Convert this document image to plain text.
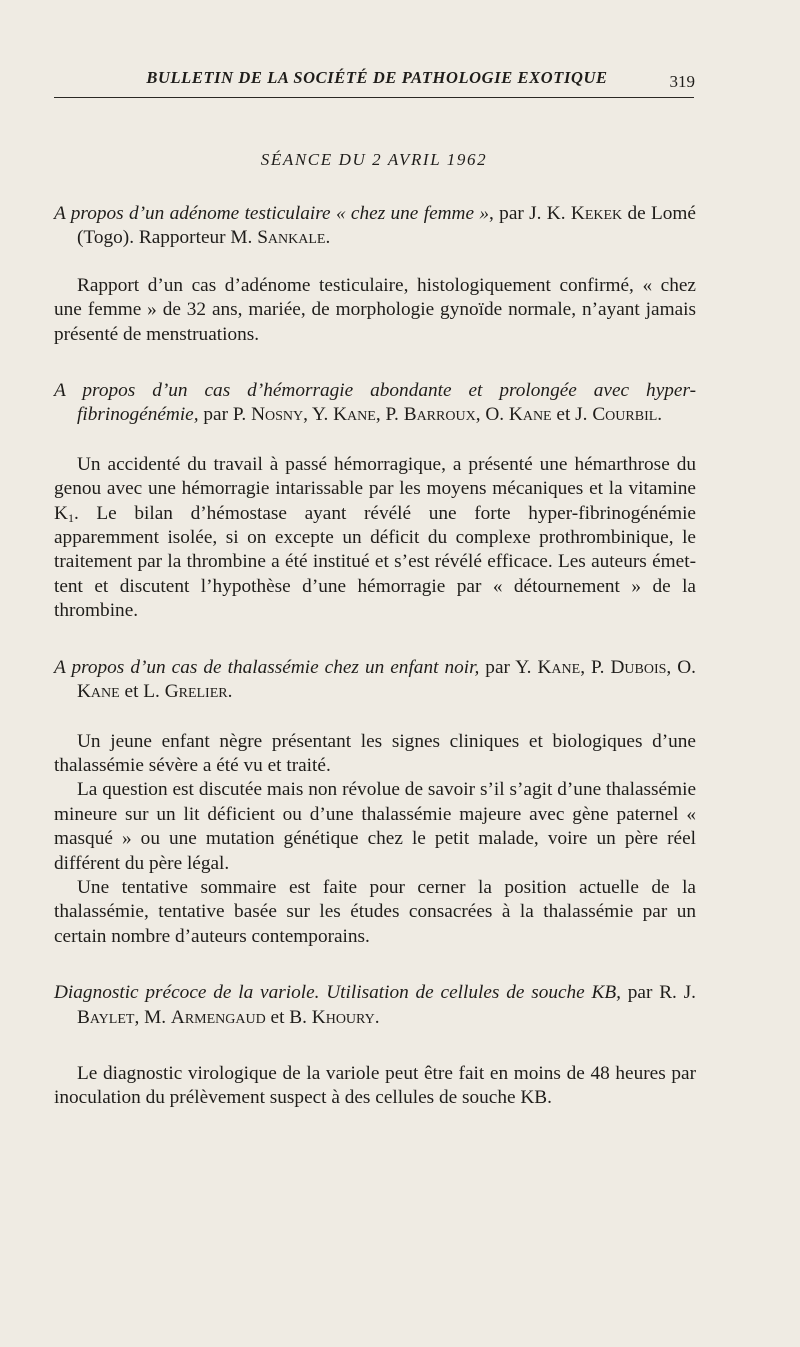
BULLETIN DE LA SOCIÉTÉ DE PATHOLOGIE EXOTIQUE	319
SÉANCE DU 2 AVRIL 1962

A propos d’un adénome testiculaire « chez une femme », par J. K. Kekek de Lomé (Togo). Rapporteur M. Sankale.

Rapport d’un cas d’adénome testiculaire, histologiquement confirmé, « chez une femme » de 32 ans, mariée, de morphologie gynoïde normale, n’ayant jamais présenté de menstruations.

A propos d’un cas d’hémorragie abondante et prolongée avec hyper-fibrinogénémie, par P. Nosny, Y. Kane, P. Barroux, O. Kane et J. Courbil.

Un accidenté du travail à passé hémorragique, a présenté une hémarthrose du genou avec une hémorragie intarissable par les moyens mécaniques et la vitamine $K_1$. Le bilan d’hémostase ayant révélé une forte hyper-fibrinogénémie apparemment isolée, si on excepte un déficit du complexe prothrombinique, le traitement par la thrombine a été institué et s’est révélé efficace. Les auteurs émet-tent et discutent l’hypothèse d’une hémorragie par « détournement » de la thrombine.

A propos d’un cas de thalassémie chez un enfant noir, par Y. Kane, P. Dubois, O. Kane et L. Grelier.

Un jeune enfant nègre présentant les signes cliniques et biologiques d’une thalassémie sévère a été vu et traité.

La question est discutée mais non révolue de savoir s’il s’agit d’une thalassémie mineure sur un lit déficient ou d’une thalassémie majeure avec gène paternel « masqué » ou une mutation génétique chez le petit malade, voire un père réel différent du père légal.

Une tentative sommaire est faite pour cerner la position actuelle de la thalassémie, tentative basée sur les études consacrées à la thalassémie par un certain nombre d’auteurs contemporains.

Diagnostic précoce de la variole. Utilisation de cellules de souche KB, par R. J. Baylet, M. Armengaud et B. Khoury.

Le diagnostic virologique de la variole peut être fait en moins de 48 heures par inoculation du prélèvement suspect à des cellules de souche KB.
